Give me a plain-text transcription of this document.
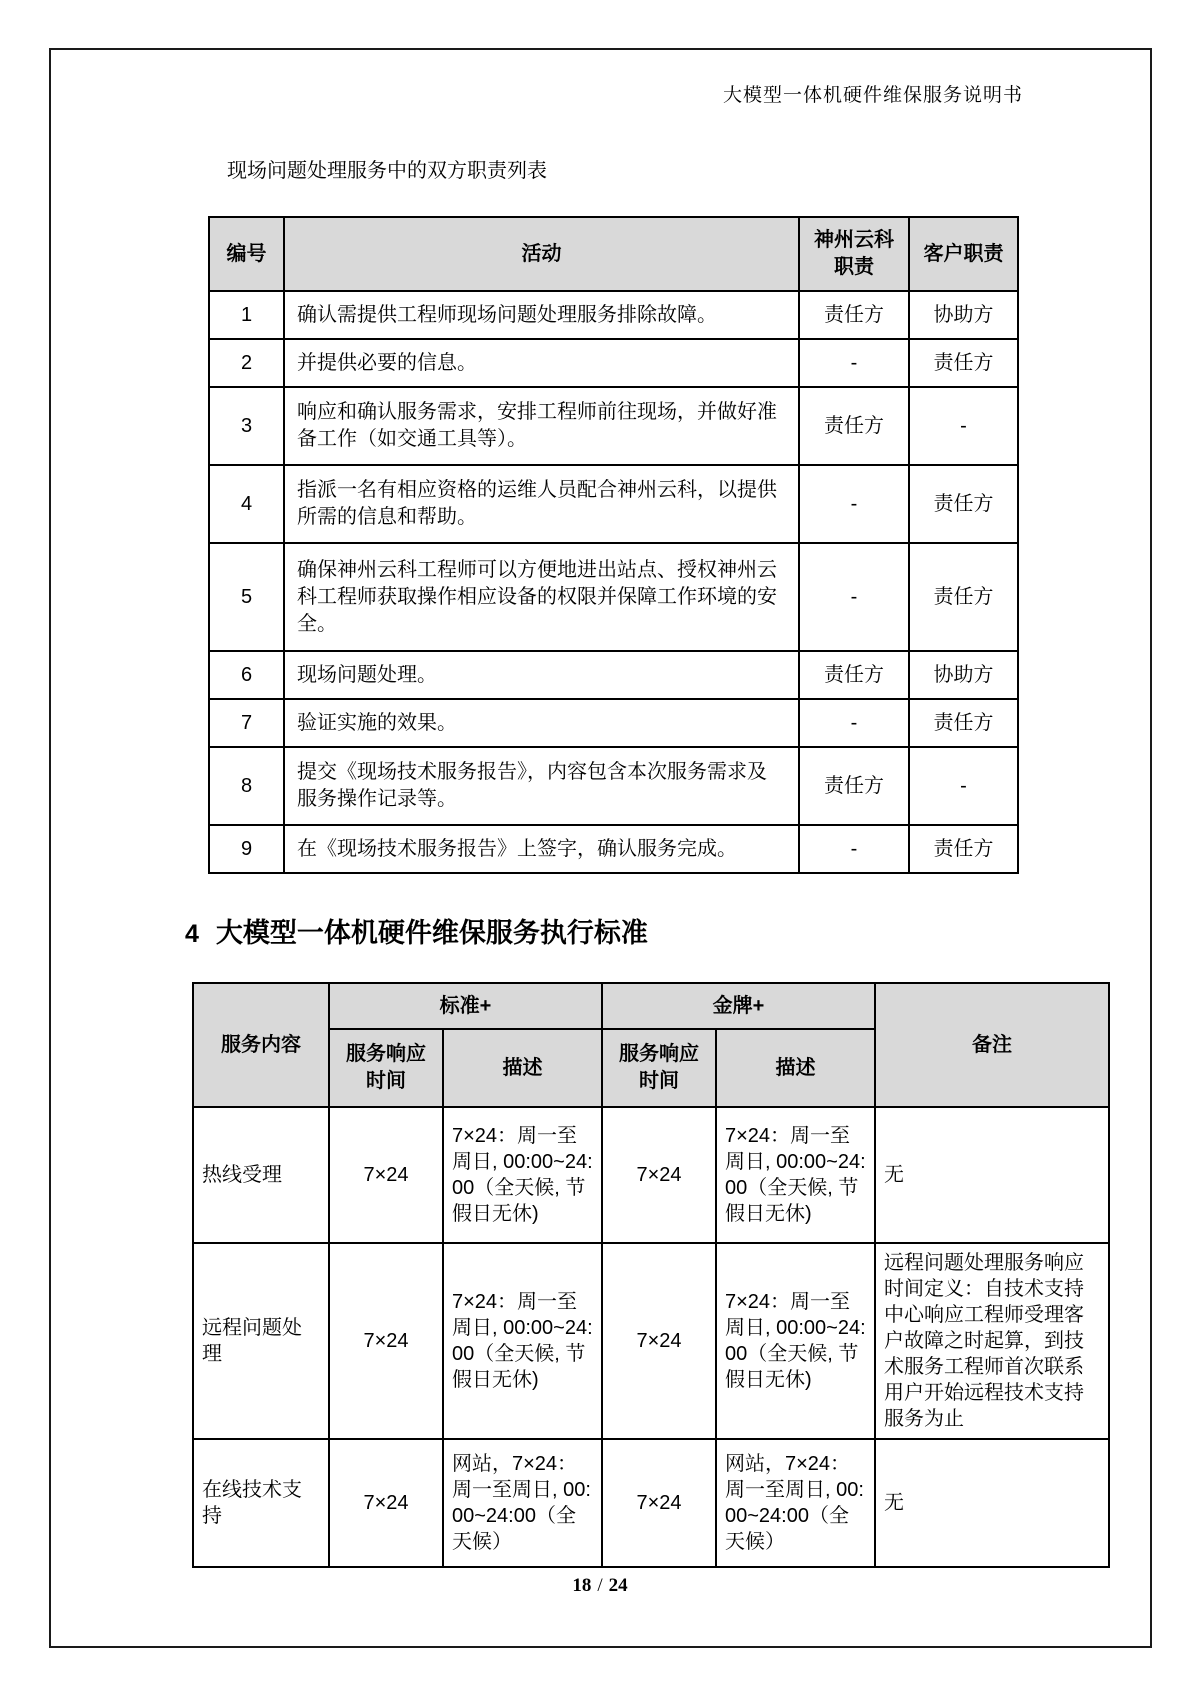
大模型一体机硬件维保服务说明书
现场问题处理服务中的双方职责列表
编号	活动	神州云科职责	客户职责
1	确认需提供工程师现场问题处理服务排除故障。	责任方	协助方
2	并提供必要的信息。	-	责任方
3	响应和确认服务需求，安排工程师前往现场，并做好准备工作（如交通工具等）。	责任方	-
4	指派一名有相应资格的运维人员配合神州云科，以提供所需的信息和帮助。	-	责任方
5	确保神州云科工程师可以方便地进出站点、授权神州云科工程师获取操作相应设备的权限并保障工作环境的安全。	-	责任方
6	现场问题处理。	责任方	协助方
7	验证实施的效果。	-	责任方
8	提交《现场技术服务报告》，内容包含本次服务需求及服务操作记录等。	责任方	-
9	在《现场技术服务报告》上签字，确认服务完成。	-	责任方
4 大模型一体机硬件维保服务执行标准
服务内容	标准+		金牌+		备注
	服务响应时间	描述	服务响应时间	描述	
热线受理	7×24	7×24：周一至周日, 00:00~24:00（全天候, 节假日无休)	7×24	7×24：周一至周日, 00:00~24:00（全天候, 节假日无休)	无
远程问题处理	7×24	7×24：周一至周日, 00:00~24:00（全天候, 节假日无休)	7×24	7×24：周一至周日, 00:00~24:00（全天候, 节假日无休)	远程问题处理服务响应时间定义：自技术支持中心响应工程师受理客户故障之时起算，到技术服务工程师首次联系用户开始远程技术支持服务为止
在线技术支持	7×24	网站，7×24：周一至周日, 00:00~24:00（全天候）	7×24	网站，7×24：周一至周日, 00:00~24:00（全天候）	无
18 / 24
